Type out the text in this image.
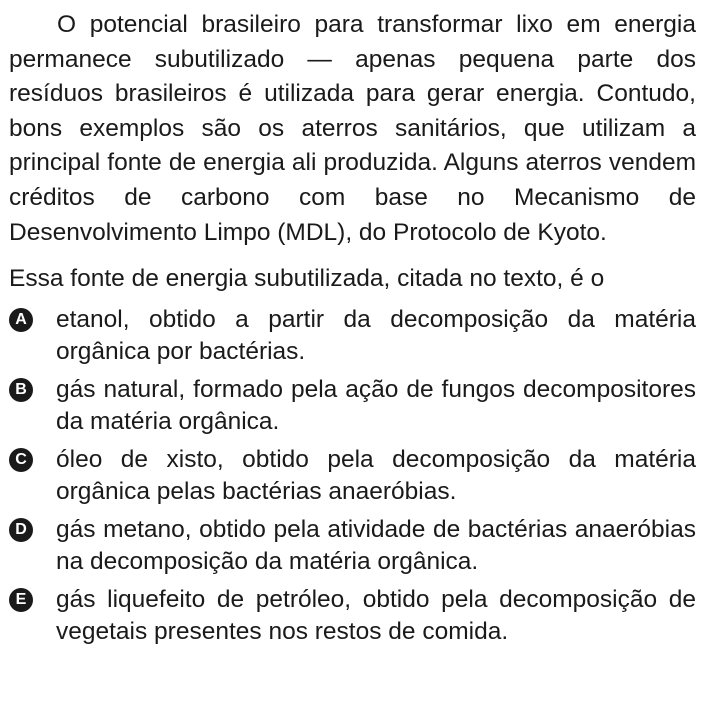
O potencial brasileiro para transformar lixo em energia permanece subutilizado — apenas pequena parte dos resíduos brasileiros é utilizada para gerar energia. Contudo, bons exemplos são os aterros sanitários, que utilizam a principal fonte de energia ali produzida. Alguns aterros vendem créditos de carbono com base no Mecanismo de Desenvolvimento Limpo (MDL), do Protocolo de Kyoto.

Essa fonte de energia subutilizada, citada no texto, é o

A etanol, obtido a partir da decomposição da matéria orgânica por bactérias.
B gás natural, formado pela ação de fungos decompositores da matéria orgânica.
C óleo de xisto, obtido pela decomposição da matéria orgânica pelas bactérias anaeróbias.
D gás metano, obtido pela atividade de bactérias anaeróbias na decomposição da matéria orgânica.
E gás liquefeito de petróleo, obtido pela decomposição de vegetais presentes nos restos de comida.
